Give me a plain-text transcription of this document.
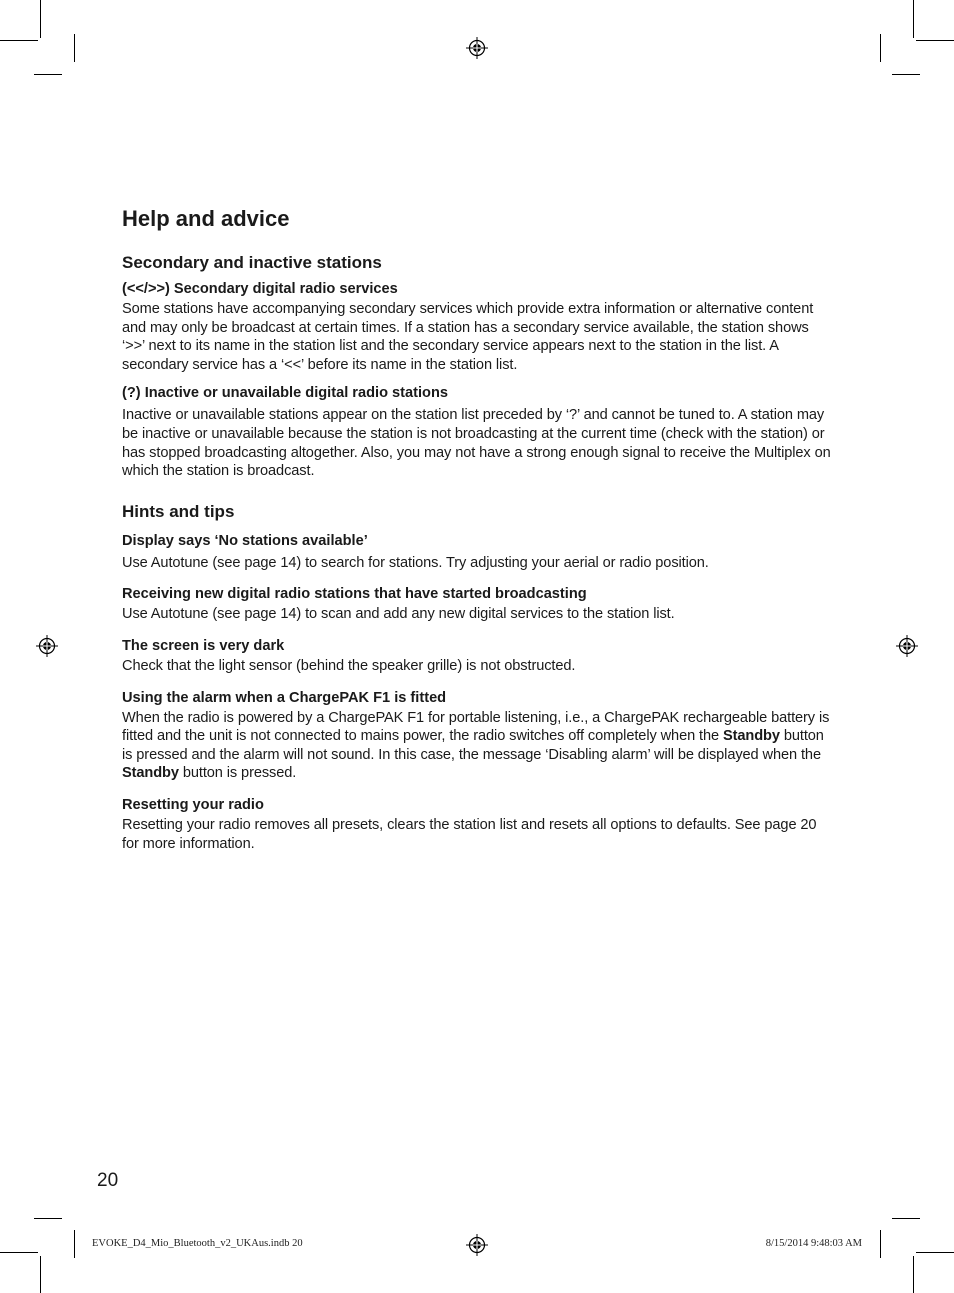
Help and advice
Secondary and inactive stations

(<</>>) Secondary digital radio services

Some stations have accompanying secondary services which provide extra information or alternative content and may only be broadcast at certain times. If a station has a secondary service available, the station shows ‘>>’ next to its name in the station list and the secondary service appears next to the station in the list. A secondary service has a ‘<<’ before its name in the station list.

(?) Inactive or unavailable digital radio stations

Inactive or unavailable stations appear on the station list preceded by ‘?’ and cannot be tuned to. A station may be inactive or unavailable because the station is not broadcasting at the current time (check with the station) or has stopped broadcasting altogether. Also, you may not have a strong enough signal to receive the Multiplex on which the station is broadcast.

Hints and tips

Display says ‘No stations available’

Use Autotune (see page 14) to search for stations. Try adjusting your aerial or radio position.

Receiving new digital radio stations that have started broadcasting

Use Autotune (see page 14) to scan and add any new digital services to the station list.

The screen is very dark

Check that the light sensor (behind the speaker grille) is not obstructed.

Using the alarm when a ChargePAK F1 is fitted

When the radio is powered by a ChargePAK F1 for portable listening, i.e., a ChargePAK rechargeable battery is fitted and the unit is not connected to mains power, the radio switches off completely when the Standby button is pressed and the alarm will not sound. In this case, the message ‘Disabling alarm’ will be displayed when the Standby button is pressed.

Resetting your radio

Resetting your radio removes all presets, clears the station list and resets all options to defaults. See page 20 for more information.

20
EVOKE_D4_Mio_Bluetooth_v2_UKAus.indb 20	8/15/2014 9:48:03 AM
